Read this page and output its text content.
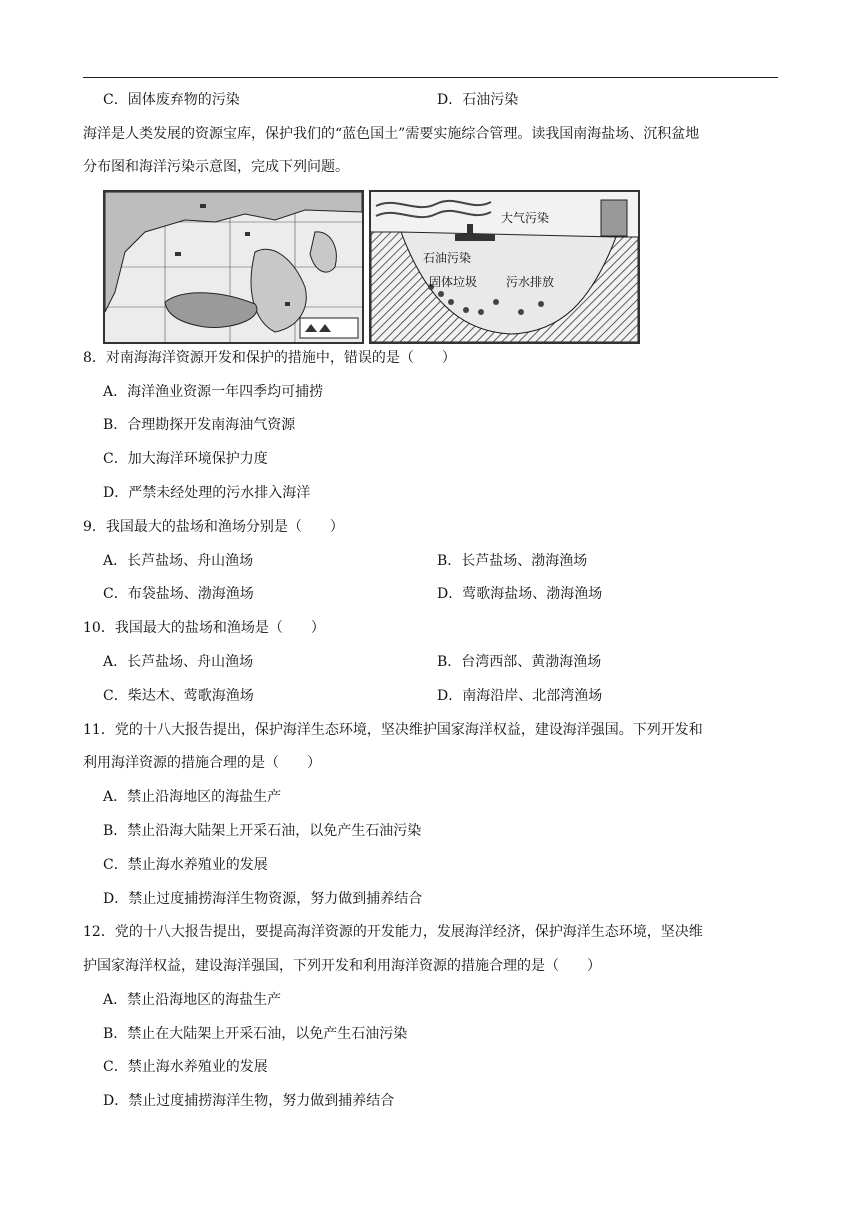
C．固体废弃物的污染	D．石油污染
海洋是人类发展的资源宝库，保护我们的“蓝色国土”需要实施综合管理。读我国南海盐场、沉积盆地
分布图和海洋污染示意图，完成下列问题。
大气污染
石油污染
固体垃圾 污水排放
8．对南海海洋资源开发和保护的措施中，错误的是（　　）
A．海洋渔业资源一年四季均可捕捞
B．合理勘探开发南海油气资源
C．加大海洋环境保护力度
D．严禁未经处理的污水排入海洋
9．我国最大的盐场和渔场分别是（　　）
A．长芦盐场、舟山渔场	B．长芦盐场、渤海渔场
C．布袋盐场、渤海渔场	D．莺歌海盐场、渤海渔场
10．我国最大的盐场和渔场是（　　）
A．长芦盐场、舟山渔场	B．台湾西部、黄渤海渔场
C．柴达木、莺歌海渔场	D．南海沿岸、北部湾渔场
11．党的十八大报告提出，保护海洋生态环境，坚决维护国家海洋权益，建设海洋强国。下列开发和
利用海洋资源的措施合理的是（　　）
A．禁止沿海地区的海盐生产
B．禁止沿海大陆架上开采石油，以免产生石油污染
C．禁止海水养殖业的发展
D．禁止过度捕捞海洋生物资源，努力做到捕养结合
12．党的十八大报告提出，要提高海洋资源的开发能力，发展海洋经济，保护海洋生态环境，坚决维
护国家海洋权益，建设海洋强国，下列开发和利用海洋资源的措施合理的是（　　）
A．禁止沿海地区的海盐生产
B．禁止在大陆架上开采石油，以免产生石油污染
C．禁止海水养殖业的发展
D．禁止过度捕捞海洋生物，努力做到捕养结合
